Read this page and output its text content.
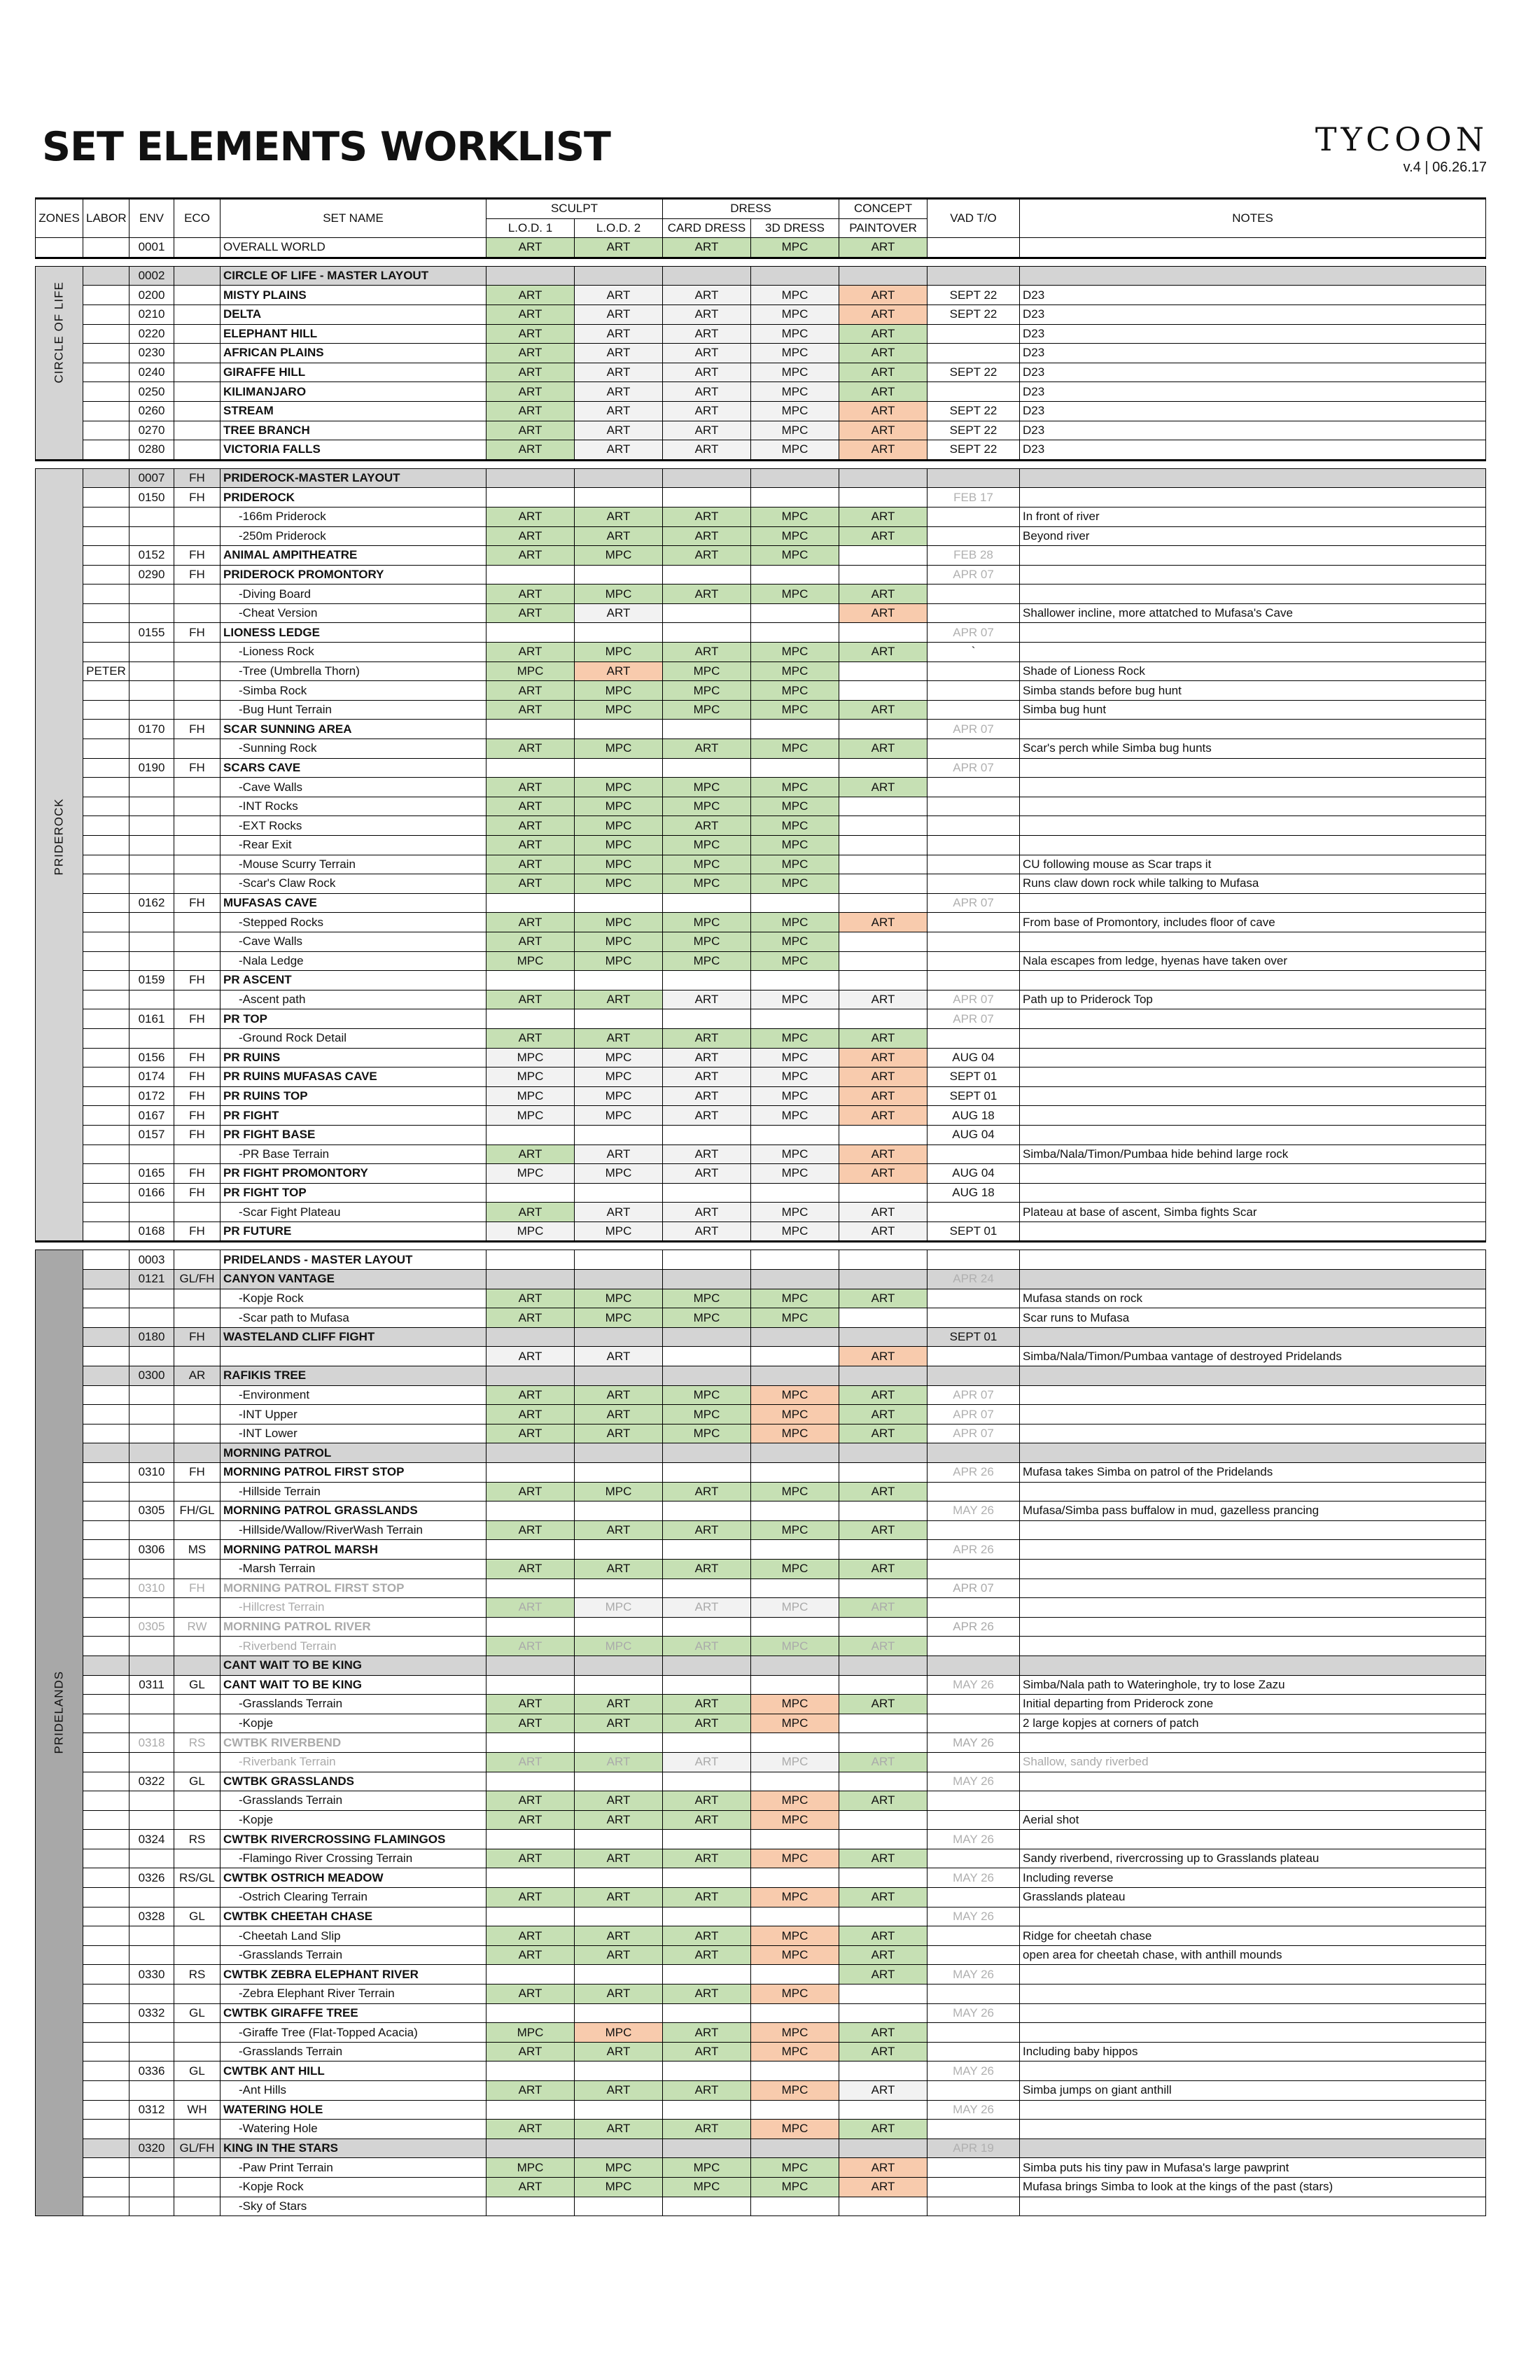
SET ELEMENTS WORKLIST	TYCOON
v.4 | 06.26.17
ZONES	LABOR	ENV	ECO	SET NAME	SCULPT		DRESS		CONCEPT	VAD T/O	NOTES
					L.O.D. 1	L.O.D. 2	CARD DRESS	3D DRESS	PAINTOVER		
		0001		OVERALL WORLD	ART	ART	ART	MPC	ART		

CIRCLE OF LIFE		0002		CIRCLE OF LIFE - MASTER LAYOUT							
		0200		MISTY PLAINS	ART	ART	ART	MPC	ART	SEPT 22	D23
		0210		DELTA	ART	ART	ART	MPC	ART	SEPT 22	D23
		0220		ELEPHANT HILL	ART	ART	ART	MPC	ART		D23
		0230		AFRICAN PLAINS	ART	ART	ART	MPC	ART		D23
		0240		GIRAFFE HILL	ART	ART	ART	MPC	ART	SEPT 22	D23
		0250		KILIMANJARO	ART	ART	ART	MPC	ART		D23
		0260		STREAM	ART	ART	ART	MPC	ART	SEPT 22	D23
		0270		TREE BRANCH	ART	ART	ART	MPC	ART	SEPT 22	D23
		0280		VICTORIA FALLS	ART	ART	ART	MPC	ART	SEPT 22	D23

PRIDEROCK		0007	FH	PRIDEROCK-MASTER LAYOUT							
		0150	FH	PRIDEROCK						FEB 17	
				-166m Priderock	ART	ART	ART	MPC	ART		In front of river
				-250m Priderock	ART	ART	ART	MPC	ART		Beyond river
		0152	FH	ANIMAL AMPITHEATRE	ART	MPC	ART	MPC		FEB 28	
		0290	FH	PRIDEROCK PROMONTORY						APR 07	
				-Diving Board	ART	MPC	ART	MPC	ART		
				-Cheat Version	ART	ART			ART		Shallower incline, more attatched to Mufasa's Cave
		0155	FH	LIONESS LEDGE						APR 07	
				-Lioness Rock	ART	MPC	ART	MPC	ART	`	
	PETER			-Tree (Umbrella Thorn)	MPC	ART	MPC	MPC			Shade of Lioness Rock
				-Simba Rock	ART	MPC	MPC	MPC			Simba stands before bug hunt
				-Bug Hunt Terrain	ART	MPC	MPC	MPC	ART		Simba bug hunt
		0170	FH	SCAR SUNNING AREA						APR 07	
				-Sunning Rock	ART	MPC	ART	MPC	ART		Scar's perch while Simba bug hunts
		0190	FH	SCARS CAVE						APR 07	
				-Cave Walls	ART	MPC	MPC	MPC	ART		
				-INT Rocks	ART	MPC	MPC	MPC			
				-EXT Rocks	ART	MPC	ART	MPC			
				-Rear Exit	ART	MPC	MPC	MPC			
				-Mouse Scurry Terrain	ART	MPC	MPC	MPC			CU following mouse as Scar traps it
				-Scar's Claw Rock	ART	MPC	MPC	MPC			Runs claw down rock while talking to Mufasa
		0162	FH	MUFASAS CAVE						APR 07	
				-Stepped Rocks	ART	MPC	MPC	MPC	ART		From base of Promontory, includes floor of cave
				-Cave Walls	ART	MPC	MPC	MPC			
				-Nala Ledge	MPC	MPC	MPC	MPC			Nala escapes from ledge, hyenas have taken over
		0159	FH	PR ASCENT							
				-Ascent path	ART	ART	ART	MPC	ART	APR 07	Path up to Priderock Top
		0161	FH	PR TOP						APR 07	
				-Ground Rock Detail	ART	ART	ART	MPC	ART		
		0156	FH	PR RUINS	MPC	MPC	ART	MPC	ART	AUG 04	
		0174	FH	PR RUINS MUFASAS CAVE	MPC	MPC	ART	MPC	ART	SEPT 01	
		0172	FH	PR RUINS TOP	MPC	MPC	ART	MPC	ART	SEPT 01	
		0167	FH	PR FIGHT	MPC	MPC	ART	MPC	ART	AUG 18	
		0157	FH	PR FIGHT BASE						AUG 04	
				-PR Base Terrain	ART	ART	ART	MPC	ART		Simba/Nala/Timon/Pumbaa hide behind large rock
		0165	FH	PR FIGHT PROMONTORY	MPC	MPC	ART	MPC	ART	AUG 04	
		0166	FH	PR FIGHT TOP						AUG 18	
				-Scar Fight Plateau	ART	ART	ART	MPC	ART		Plateau at base of ascent, Simba fights Scar
		0168	FH	PR FUTURE	MPC	MPC	ART	MPC	ART	SEPT 01	

PRIDELANDS		0003		PRIDELANDS - MASTER LAYOUT							
		0121	GL/FH	CANYON VANTAGE						APR 24	
				-Kopje Rock	ART	MPC	MPC	MPC	ART		Mufasa stands on rock
				-Scar path to Mufasa	ART	MPC	MPC	MPC			Scar runs to Mufasa
		0180	FH	WASTELAND CLIFF FIGHT						SEPT 01	
					ART	ART			ART		Simba/Nala/Timon/Pumbaa vantage of destroyed Pridelands
		0300	AR	RAFIKIS TREE							
				-Environment	ART	ART	MPC	MPC	ART	APR 07	
				-INT Upper	ART	ART	MPC	MPC	ART	APR 07	
				-INT Lower	ART	ART	MPC	MPC	ART	APR 07	
				MORNING PATROL							
		0310	FH	MORNING PATROL FIRST STOP						APR 26	Mufasa takes Simba on patrol of the Pridelands
				-Hillside Terrain	ART	MPC	ART	MPC	ART		
		0305	FH/GL	MORNING PATROL GRASSLANDS						MAY 26	Mufasa/Simba pass buffalow in mud, gazelless prancing
				-Hillside/Wallow/RiverWash Terrain	ART	ART	ART	MPC	ART		
		0306	MS	MORNING PATROL MARSH						APR 26	
				-Marsh Terrain	ART	ART	ART	MPC	ART		
		0310	FH	MORNING PATROL FIRST STOP						APR 07	
				-Hillcrest Terrain	ART	MPC	ART	MPC	ART		
		0305	RW	MORNING PATROL RIVER						APR 26	
				-Riverbend Terrain	ART	MPC	ART	MPC	ART		
				CANT WAIT TO BE KING							
		0311	GL	CANT WAIT TO BE KING						MAY 26	Simba/Nala path to Wateringhole, try to lose Zazu
				-Grasslands Terrain	ART	ART	ART	MPC	ART		Initial departing from Priderock zone
				-Kopje	ART	ART	ART	MPC			2 large kopjes at corners of patch
		0318	RS	CWTBK RIVERBEND						MAY 26	
				-Riverbank Terrain	ART	ART	ART	MPC	ART		Shallow, sandy riverbed
		0322	GL	CWTBK GRASSLANDS						MAY 26	
				-Grasslands Terrain	ART	ART	ART	MPC	ART		
				-Kopje	ART	ART	ART	MPC			Aerial shot
		0324	RS	CWTBK RIVERCROSSING FLAMINGOS						MAY 26	
				-Flamingo River Crossing Terrain	ART	ART	ART	MPC	ART		Sandy riverbend, rivercrossing up to Grasslands plateau
		0326	RS/GL	CWTBK OSTRICH MEADOW						MAY 26	Including reverse
				-Ostrich Clearing Terrain	ART	ART	ART	MPC	ART		Grasslands plateau
		0328	GL	CWTBK CHEETAH CHASE						MAY 26	
				-Cheetah Land Slip	ART	ART	ART	MPC	ART		Ridge for cheetah chase
				-Grasslands Terrain	ART	ART	ART	MPC	ART		open area for cheetah chase, with anthill mounds
		0330	RS	CWTBK ZEBRA ELEPHANT RIVER					ART	MAY 26	
				-Zebra Elephant River Terrain	ART	ART	ART	MPC			
		0332	GL	CWTBK GIRAFFE TREE						MAY 26	
				-Giraffe Tree (Flat-Topped Acacia)	MPC	MPC	ART	MPC	ART		
				-Grasslands Terrain	ART	ART	ART	MPC	ART		Including baby hippos
		0336	GL	CWTBK ANT HILL						MAY 26	
				-Ant Hills	ART	ART	ART	MPC	ART		Simba jumps on giant anthill
		0312	WH	WATERING HOLE						MAY 26	
				-Watering Hole	ART	ART	ART	MPC	ART		
		0320	GL/FH	KING IN THE STARS						APR 19	
				-Paw Print Terrain	MPC	MPC	MPC	MPC	ART		Simba puts his tiny paw in Mufasa's large pawprint
				-Kopje Rock	ART	MPC	MPC	MPC	ART		Mufasa brings Simba to look at the kings of the past (stars)
				-Sky of Stars							
